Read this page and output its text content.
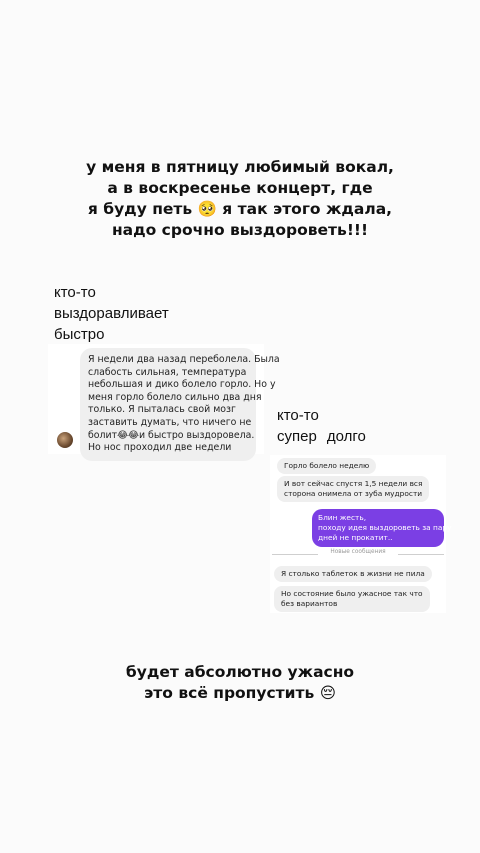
у меня в пятницу любимый вокал,
а в воскресенье концерт, где
я буду петь 🥺 я так этого ждала,
надо срочно выздороветь!!!
кто-то
выздоравливает
быстро
Я недели два назад переболела. Была
слабость сильная, температура
небольшая и дико болело горло. Но у
меня горло болело сильно два дня
только. Я пыталась свой мозг
заставить думать, что ничего не
болит😂😂и быстро выздоровела.
Но нос проходил две недели
кто-то
супер долго
Горло болело неделю
И вот сейчас спустя 1,5 недели вся
сторона онимела от зуба мудрости
Блин жесть,
походу идея выздороветь за пару
дней не прокатит..
Новые сообщения
Я столько таблеток в жизни не пила
Но состояние было ужасное так что
без вариантов
будет абсолютно ужасно
это всё пропустить 😔
